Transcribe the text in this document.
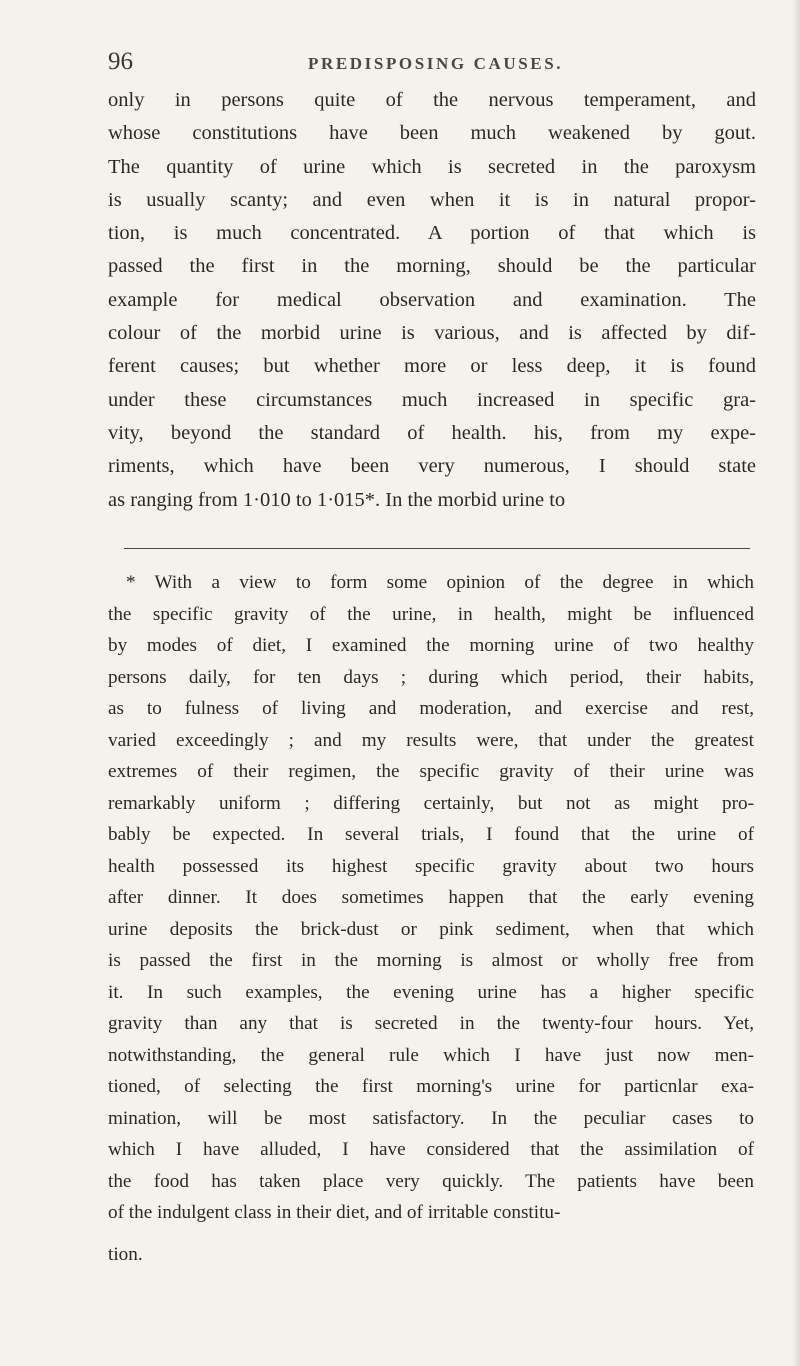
96	PREDISPOSING CAUSES.

only in persons quite of the nervous temperament, and
whose constitutions have been much weakened by gout.
The quantity of urine which is secreted in the paroxysm
is usually scanty; and even when it is in natural propor-
tion, is much concentrated. A portion of that which is
passed the first in the morning, should be the particular
example for medical observation and examination. The
colour of the morbid urine is various, and is affected by dif-
ferent causes; but whether more or less deep, it is found
under these circumstances much increased in specific gra-
vity, beyond the standard of health. his, from my expe-
riments, which have been very numerous, I should state
as ranging from 1·010 to 1·015*. In the morbid urine to

* With a view to form some opinion of the degree in which
the specific gravity of the urine, in health, might be influenced
by modes of diet, I examined the morning urine of two healthy
persons daily, for ten days ; during which period, their habits,
as to fulness of living and moderation, and exercise and rest,
varied exceedingly ; and my results were, that under the greatest
extremes of their regimen, the specific gravity of their urine was
remarkably uniform ; differing certainly, but not as might pro-
bably be expected. In several trials, I found that the urine of
health possessed its highest specific gravity about two hours
after dinner. It does sometimes happen that the early evening
urine deposits the brick-dust or pink sediment, when that which
is passed the first in the morning is almost or wholly free from
it. In such examples, the evening urine has a higher specific
gravity than any that is secreted in the twenty-four hours. Yet,
notwithstanding, the general rule which I have just now men-
tioned, of selecting the first morning's urine for particnlar exa-
mination, will be most satisfactory. In the peculiar cases to
which I have alluded, I have considered that the assimilation of
the food has taken place very quickly. The patients have been
of the indulgent class in their diet, and of irritable constitu-
tion.
